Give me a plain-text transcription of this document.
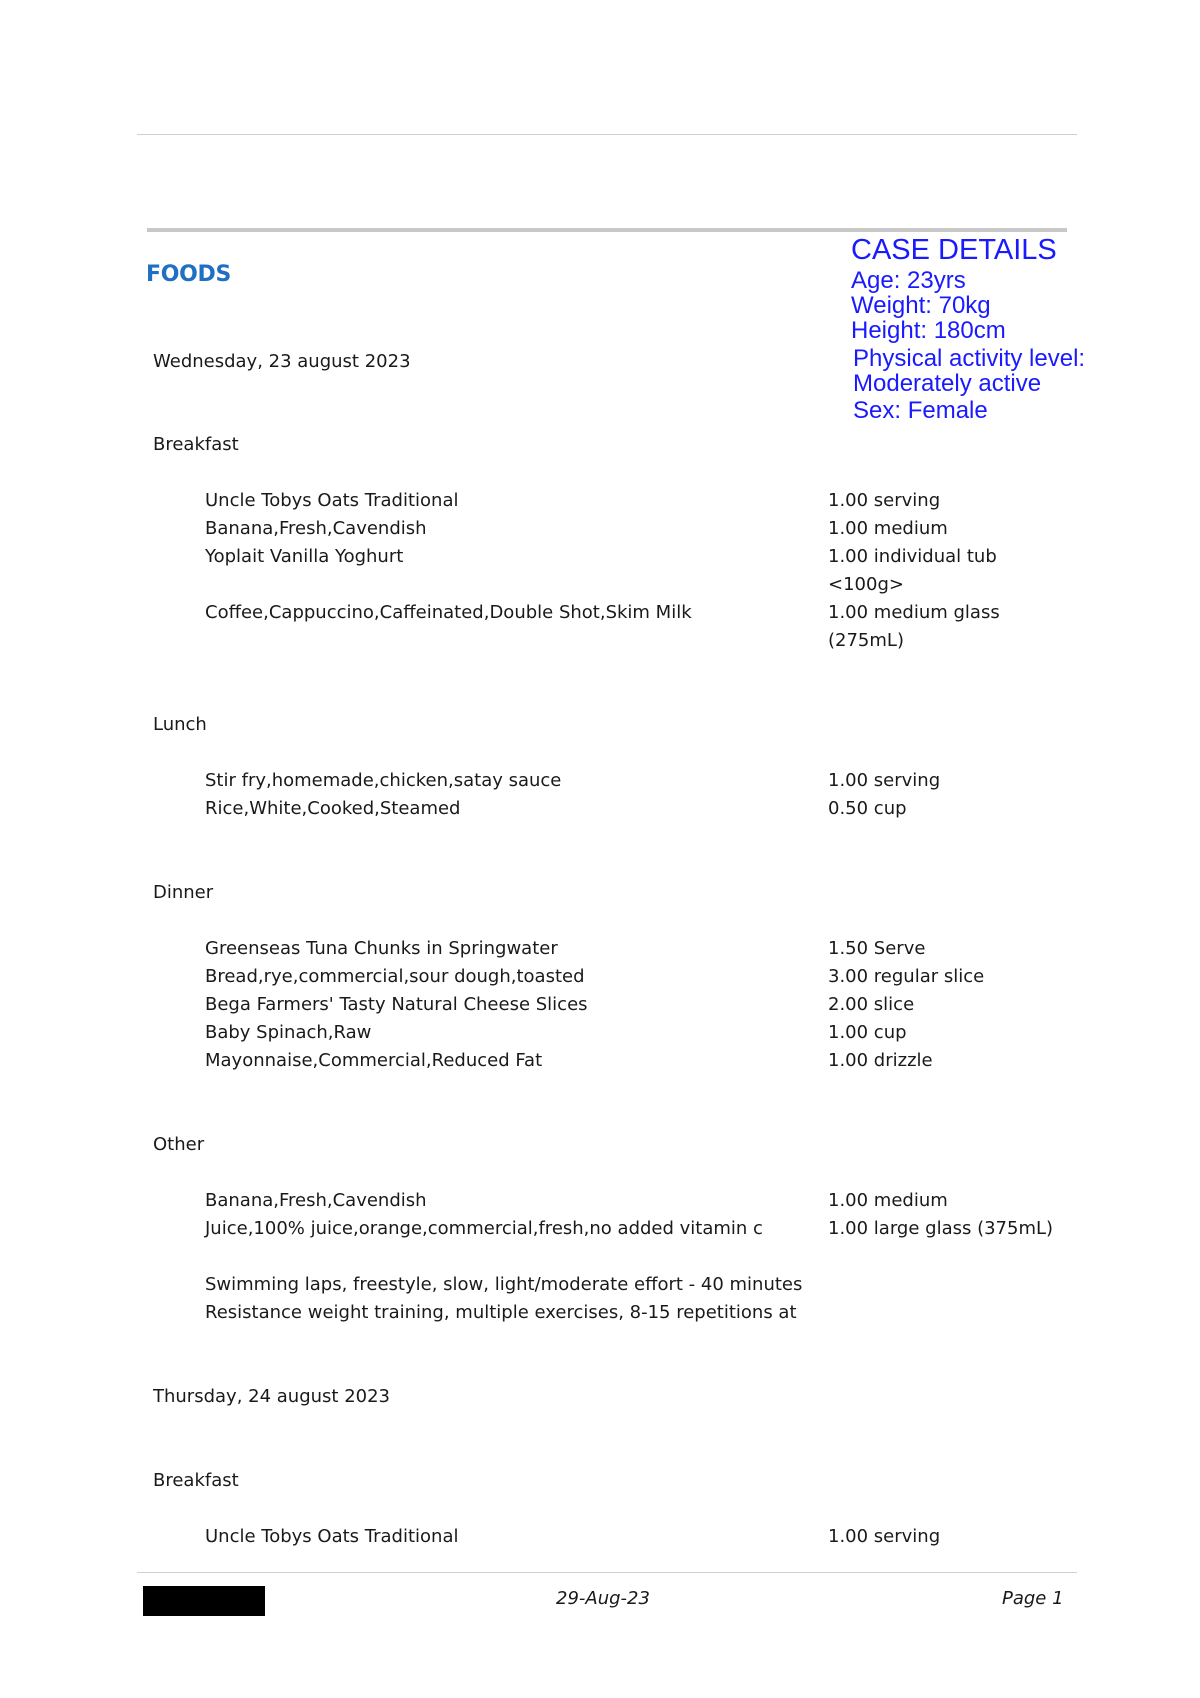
FOODS
CASE DETAILS
Age: 23yrs
Weight: 70kg
Height: 180cm
Physical activity level:
Moderately active
Sex: Female
Wednesday, 23 august 2023
Breakfast
Uncle Tobys Oats Traditional	1.00 serving
Banana,Fresh,Cavendish	1.00 medium
Yoplait Vanilla Yoghurt	1.00 individual tub
<100g>
Coffee,Cappuccino,Caffeinated,Double Shot,Skim Milk	1.00 medium glass
(275mL)
Lunch
Stir fry,homemade,chicken,satay sauce	1.00 serving
Rice,White,Cooked,Steamed	0.50 cup
Dinner
Greenseas Tuna Chunks in Springwater	1.50 Serve
Bread,rye,commercial,sour dough,toasted	3.00 regular slice
Bega Farmers' Tasty Natural Cheese Slices	2.00 slice
Baby Spinach,Raw	1.00 cup
Mayonnaise,Commercial,Reduced Fat	1.00 drizzle
Other
Banana,Fresh,Cavendish	1.00 medium
Juice,100% juice,orange,commercial,fresh,no added vitamin c	1.00 large glass (375mL)
Swimming laps, freestyle, slow, light/moderate effort - 40 minutes
Resistance weight training, multiple exercises, 8-15 repetitions at
Thursday, 24 august 2023
Breakfast
Uncle Tobys Oats Traditional	1.00 serving
29-Aug-23	Page 1
